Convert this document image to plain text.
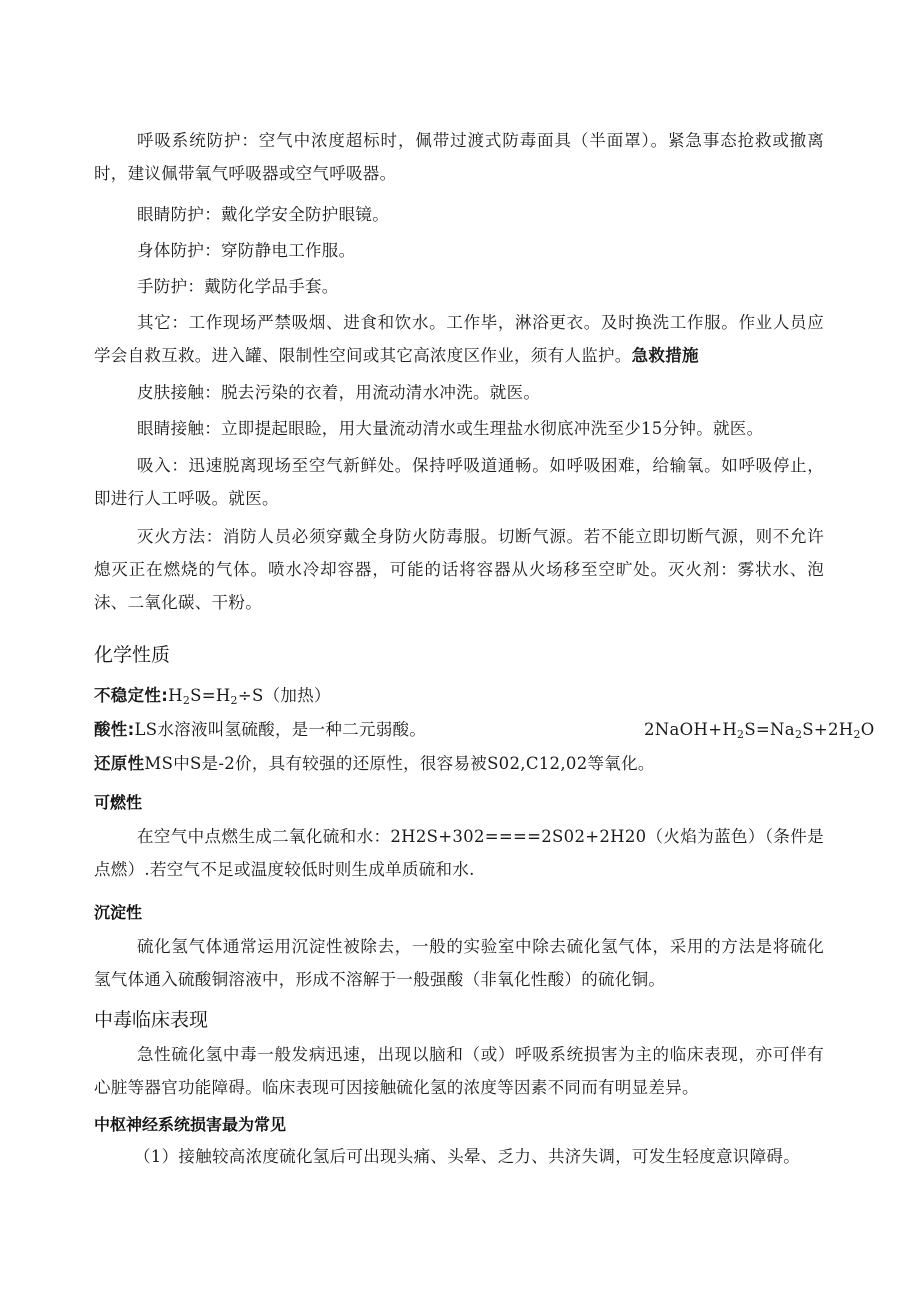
呼吸系统防护：空气中浓度超标时，佩带过渡式防毒面具（半面罩）。紧急事态抢救或撤离时，建议佩带氧气呼吸器或空气呼吸器。

眼睛防护：戴化学安全防护眼镜。

身体防护：穿防静电工作服。

手防护：戴防化学品手套。

其它：工作现场严禁吸烟、进食和饮水。工作毕，淋浴更衣。及时换洗工作服。作业人员应学会自救互救。进入罐、限制性空间或其它高浓度区作业，须有人监护。急救措施

皮肤接触：脱去污染的衣着，用流动清水冲洗。就医。

眼睛接触：立即提起眼睑，用大量流动清水或生理盐水彻底冲洗至少15分钟。就医。

吸入：迅速脱离现场至空气新鲜处。保持呼吸道通畅。如呼吸困难，给输氧。如呼吸停止，即进行人工呼吸。就医。

灭火方法：消防人员必须穿戴全身防火防毒服。切断气源。若不能立即切断气源，则不允许熄灭正在燃烧的气体。喷水冷却容器，可能的话将容器从火场移至空旷处。灭火剂：雾状水、泡沫、二氧化碳、干粉。

化学性质

不稳定性$:H_2S=H_2\div S$（加热）

酸性:LS水溶液叫氢硫酸，是一种二元弱酸。	$2NaOH+H_2S=Na_2S+2H_2O$

还原性MS中S是-2价，具有较强的还原性，很容易被S02,C12,02等氧化。

可燃性

在空气中点燃生成二氧化硫和水：2H2S+302====2S02+2H20（火焰为蓝色）（条件是点燃）.若空气不足或温度较低时则生成单质硫和水.

沉淀性

硫化氢气体通常运用沉淀性被除去，一般的实验室中除去硫化氢气体，采用的方法是将硫化氢气体通入硫酸铜溶液中，形成不溶解于一般强酸（非氧化性酸）的硫化铜。

中毒临床表现

急性硫化氢中毒一般发病迅速，出现以脑和（或）呼吸系统损害为主的临床表现，亦可伴有心脏等器官功能障碍。临床表现可因接触硫化氢的浓度等因素不同而有明显差异。

中枢神经系统损害最为常见

（1）接触较高浓度硫化氢后可出现头痛、头晕、乏力、共济失调，可发生轻度意识障碍。
